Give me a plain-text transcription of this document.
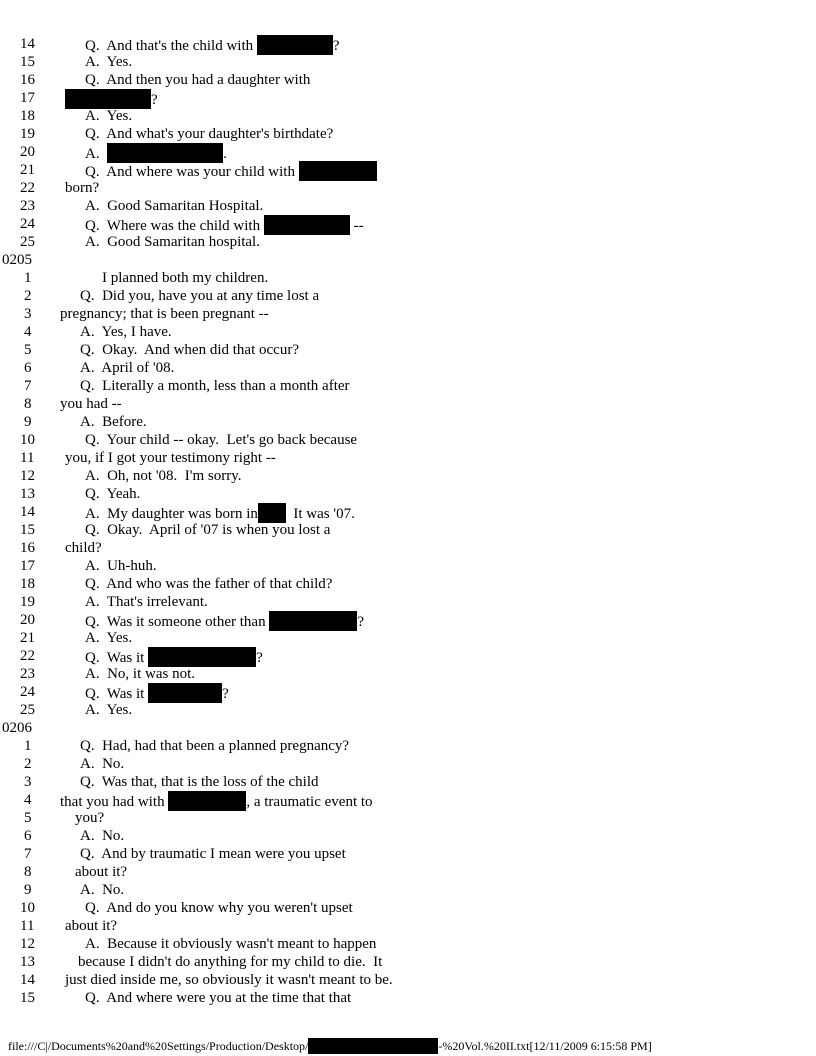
14	Q.  And that's the child with	?
15	A.  Yes.
16	Q.  And then you had a daughter with
17	?
18	A.  Yes.
19	Q.  And what's your daughter's birthdate?
20	A.	.
21	Q.  And where was your child with
22 born?
23	A.  Good Samaritan Hospital.
24	Q.  Where was the child with	--
25	A.  Good Samaritan hospital.
0205
1	I planned both my children.
2	Q.  Did you, have you at any time lost a
3 pregnancy; that is been pregnant --
4	A.  Yes, I have.
5	Q.  Okay.  And when did that occur?
6	A.  April of '08.
7	Q.  Literally a month, less than a month after
8 you had --
9	A.  Before.
10	Q.  Your child -- okay.  Let's go back because
11 you, if I got your testimony right --
12	A.  Oh, not '08.  I'm sorry.
13	Q.  Yeah.
14	A.  My daughter was born in  It was '07.
15	Q.  Okay.  April of '07 is when you lost a
16 child?
17	A.  Uh-huh.
18	Q.  And who was the father of that child?
19	A.  That's irrelevant.
20	Q.  Was it someone other than	?
21	A.  Yes.
22	Q.  Was it	?
23	A.  No, it was not.
24	Q.  Was it	?
25	A.  Yes.
0206
1	Q.  Had, had that been a planned pregnancy?
2	A.  No.
3	Q.  Was that, that is the loss of the child
4 that you had with	, a traumatic event to
5	you?
6	A.  No.
7	Q.  And by traumatic I mean were you upset
8	about it?
9	A.  No.
10	Q.  And do you know why you weren't upset
11 about it?
12	A.  Because it obviously wasn't meant to happen
13	because I didn't do anything for my child to die.  It
14 just died inside me, so obviously it wasn't meant to be.
15	Q.  And where were you at the time that that
file:///C|/Documents%20and%20Settings/Production/Desktop/	-%20Vol.%20II.txt[12/11/2009 6:15:58 PM]
